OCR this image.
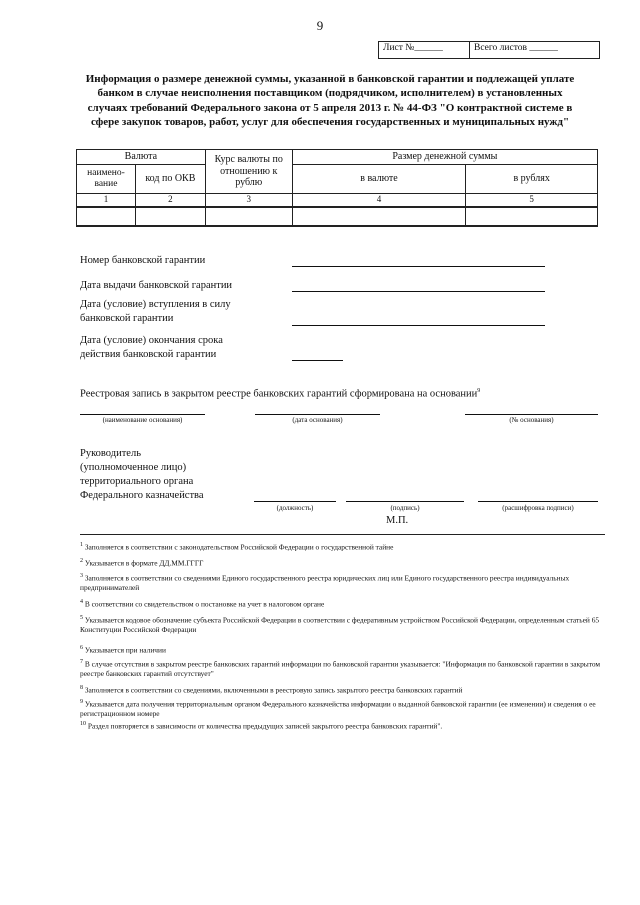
9
Лист №______	Всего листов ______
Информация о размере денежной суммы, указанной в банковской гарантии и подлежащей уплате банком в случае неисполнения поставщиком (подрядчиком, исполнителем) в установленных случаях требований Федерального закона от 5 апреля 2013 г. № 44-ФЗ "О контрактной системе в сфере закупок товаров, работ, услуг для обеспечения государственных и муниципальных нужд"
Валюта		Курс валюты по отношению к рублю	Размер денежной суммы	
наимено-вание	код по ОКВ		в валюте	в рублях
1	2	3	4	5

Номер банковской гарантии
Дата выдачи банковской гарантии
Дата (условие) вступления в силу
банковской гарантии
Дата (условие) окончания срока
действия банковской гарантии
Реестровая запись в закрытом реестре банковских гарантий сформирована на основании$^9$
(наименование основания)	(дата основания)	(№ основания)
Руководитель
(уполномоченное лицо)
территориального органа
Федерального казначейства
(должность)	(подпись)	(расшифровка подписи)
М.П.
$^1$ Заполняется в соответствии с законодательством Российской Федерации о государственной тайне
$^2$ Указывается в формате ДД.ММ.ГГГГ
$^3$ Заполняется в соответствии со сведениями Единого государственного реестра юридических лиц или Единого государственного реестра индивидуальных предпринимателей
$^4$ В соответствии со свидетельством о постановке на учет в налоговом органе
$^5$ Указывается кодовое обозначение субъекта Российской Федерации в соответствии с федеративным устройством Российской Федерации, определенным статьей 65 Конституции Российской Федерации
$^6$ Указывается при наличии
$^7$ В случае отсутствия в закрытом реестре банковских гарантий информации по банковской гарантии указывается: "Информация по банковской гарантии в закрытом реестре банковских гарантий отсутствует"
$^8$ Заполняется в соответствии со сведениями, включенными в реестровую запись закрытого реестра банковских гарантий
$^9$ Указывается дата получения территориальным органом Федерального казначейства информации о выданной банковской гарантии (ее изменении) и сведения о ее регистрационном номере
$^{10}$ Раздел повторяется в зависимости от количества предыдущих записей закрытого реестра банковских гарантий".
